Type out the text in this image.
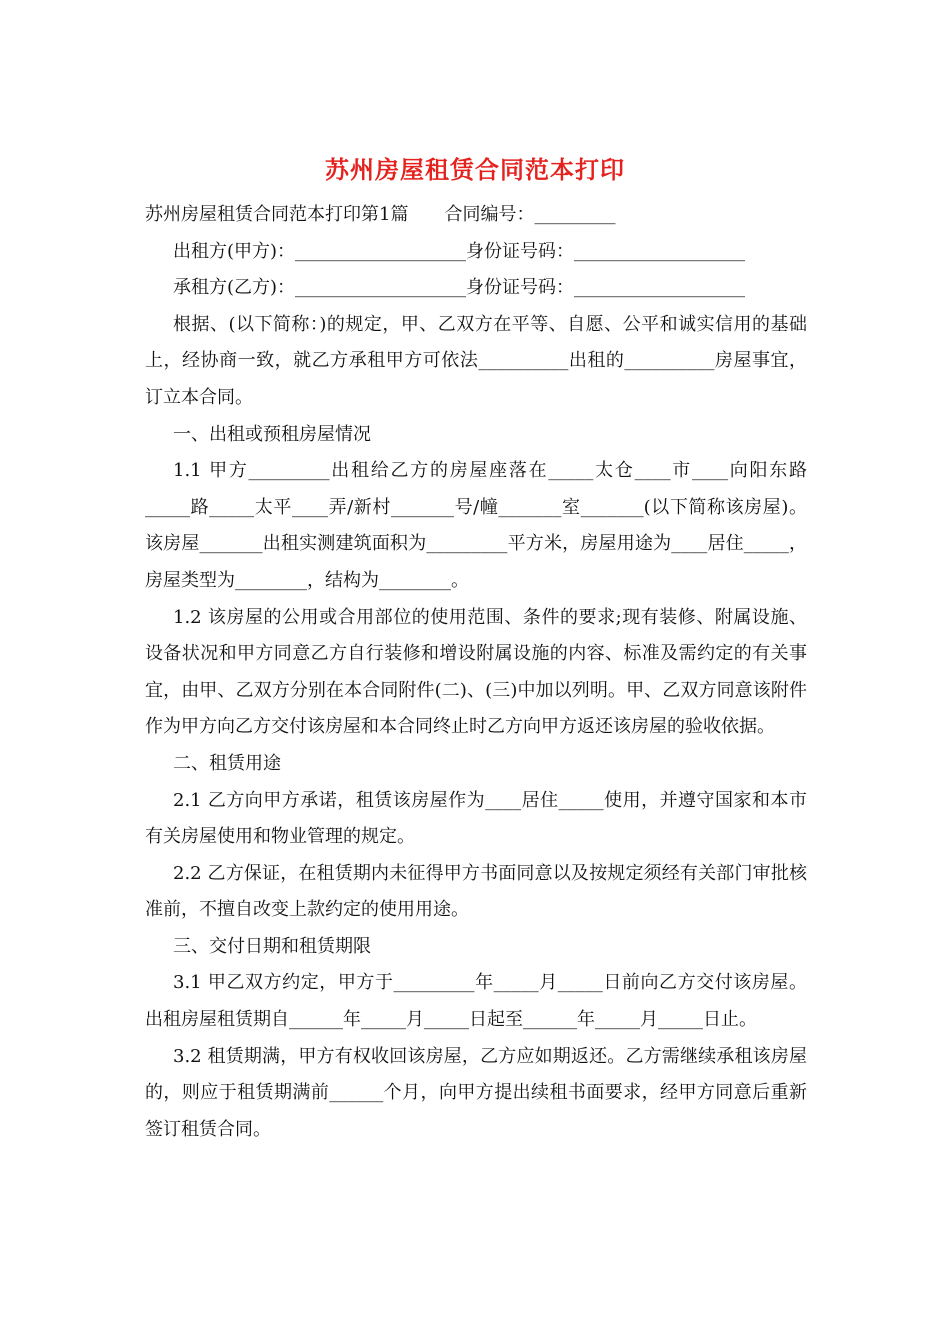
苏州房屋租赁合同范本打印

苏州房屋租赁合同范本打印第1篇　　合同编号：_________

出租方(甲方)：___________________身份证号码：___________________

承租方(乙方)：___________________身份证号码：___________________

根据、(以下简称：)的规定，甲、乙双方在平等、自愿、公平和诚实信用的基础上，经协商一致，就乙方承租甲方可依法__________出租的__________房屋事宜，订立本合同。

一、出租或预租房屋情况

1.1 甲方_________出租给乙方的房屋座落在_____太仓____市____向阳东路_____路_____太平____弄/新村_______号/幢_______室_______(以下简称该房屋)。该房屋_______出租实测建筑面积为_________平方米，房屋用途为____居住_____，房屋类型为________，结构为________。

1.2 该房屋的公用或合用部位的使用范围、条件的要求;现有装修、附属设施、设备状况和甲方同意乙方自行装修和增设附属设施的内容、标准及需约定的有关事宜，由甲、乙双方分别在本合同附件(二)、(三)中加以列明。甲、乙双方同意该附件作为甲方向乙方交付该房屋和本合同终止时乙方向甲方返还该房屋的验收依据。

二、租赁用途

2.1 乙方向甲方承诺，租赁该房屋作为____居住_____使用，并遵守国家和本市有关房屋使用和物业管理的规定。

2.2 乙方保证，在租赁期内未征得甲方书面同意以及按规定须经有关部门审批核准前，不擅自改变上款约定的使用用途。

三、交付日期和租赁期限

3.1 甲乙双方约定，甲方于_________年_____月_____日前向乙方交付该房屋。出租房屋租赁期自______年_____月_____日起至______年_____月_____日止。

3.2 租赁期满，甲方有权收回该房屋，乙方应如期返还。乙方需继续承租该房屋的，则应于租赁期满前______个月，向甲方提出续租书面要求，经甲方同意后重新签订租赁合同。
